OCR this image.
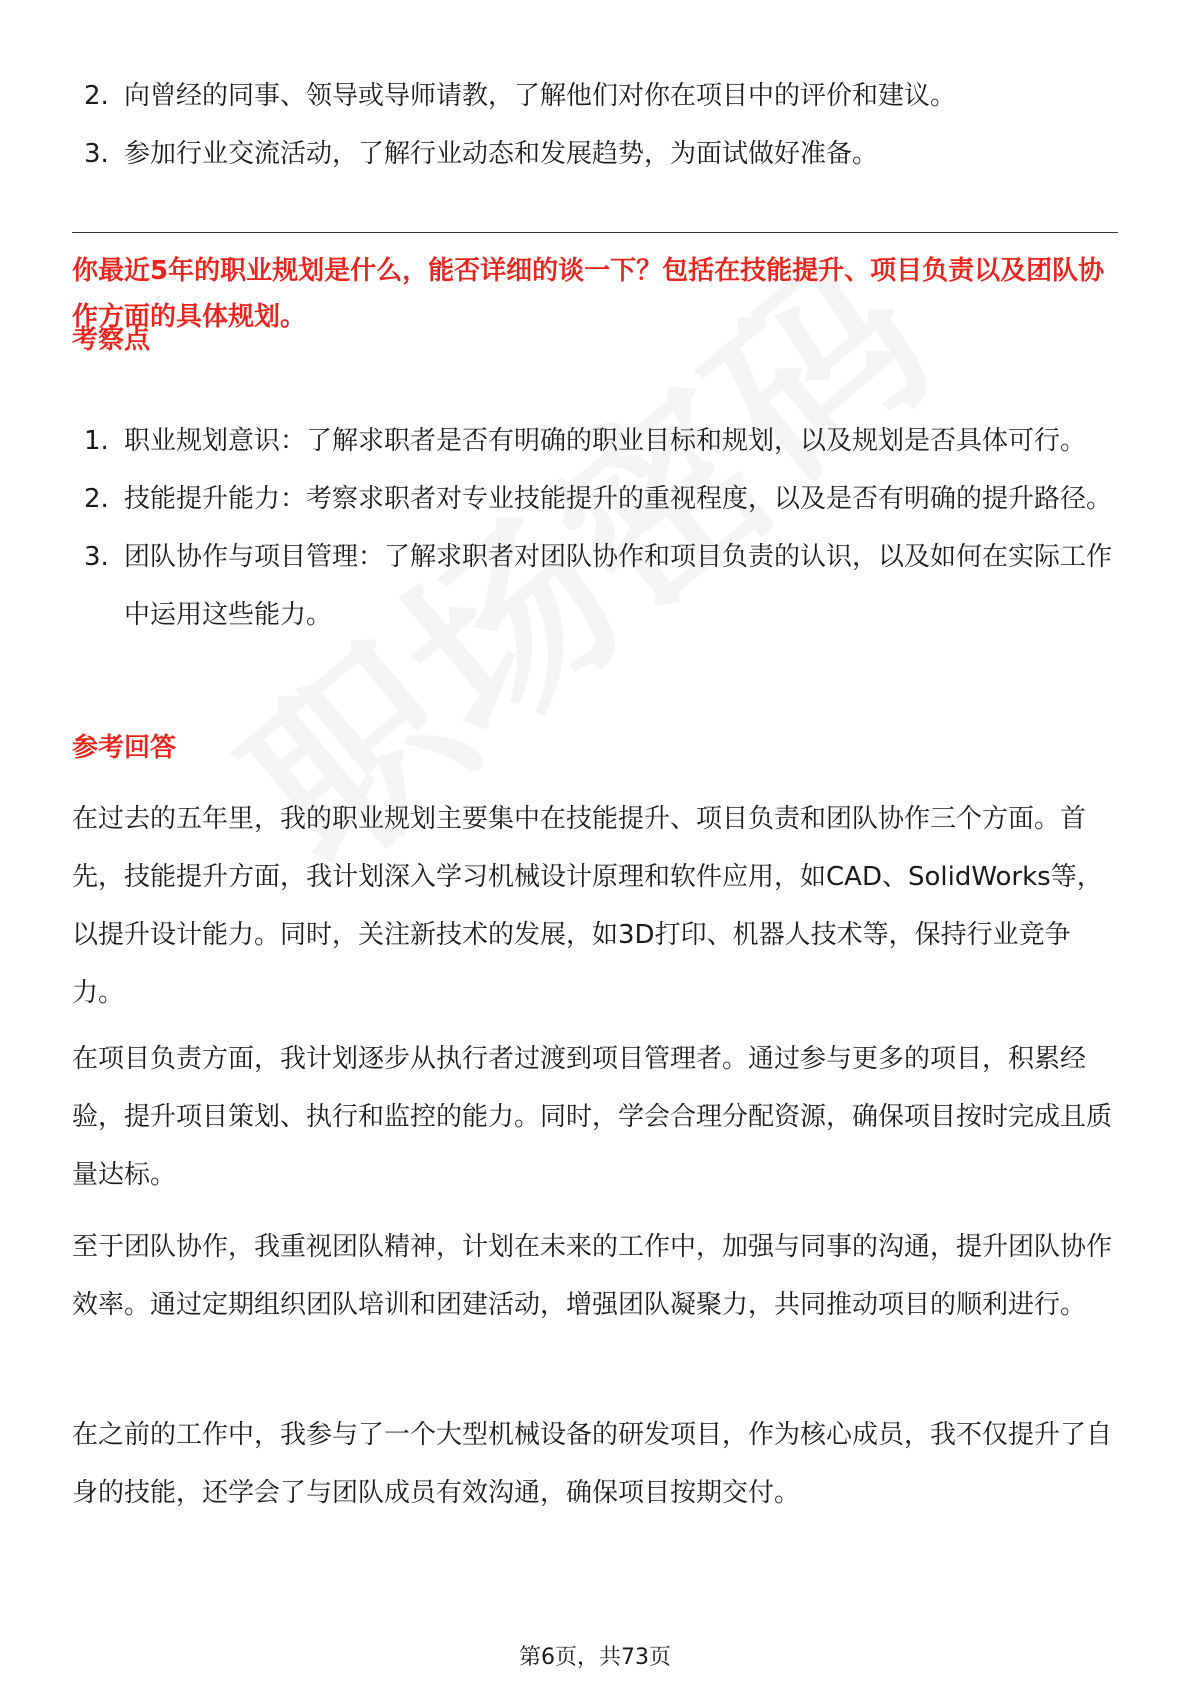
2. 向曾经的同事、领导或导师请教，了解他们对你在项目中的评价和建议。
3. 参加行业交流活动，了解行业动态和发展趋势，为面试做好准备。
你最近5年的职业规划是什么，能否详细的谈一下？包括在技能提升、项目负责以及团队协作方面的具体规划。
考察点
1. 职业规划意识：了解求职者是否有明确的职业目标和规划，以及规划是否具体可行。
2. 技能提升能力：考察求职者对专业技能提升的重视程度，以及是否有明确的提升路径。
3. 团队协作与项目管理：了解求职者对团队协作和项目负责的认识，以及如何在实际工作中运用这些能力。
参考回答

在过去的五年里，我的职业规划主要集中在技能提升、项目负责和团队协作三个方面。首先，技能提升方面，我计划深入学习机械设计原理和软件应用，如CAD、SolidWorks等，以提升设计能力。同时，关注新技术的发展，如3D打印、机器人技术等，保持行业竞争力。

在项目负责方面，我计划逐步从执行者过渡到项目管理者。通过参与更多的项目，积累经验，提升项目策划、执行和监控的能力。同时，学会合理分配资源，确保项目按时完成且质量达标。

至于团队协作，我重视团队精神，计划在未来的工作中，加强与同事的沟通，提升团队协作效率。通过定期组织团队培训和团建活动，增强团队凝聚力，共同推动项目的顺利进行。

在之前的工作中，我参与了一个大型机械设备的研发项目，作为核心成员，我不仅提升了自身的技能，还学会了与团队成员有效沟通，确保项目按期交付。

第6页，共73页
